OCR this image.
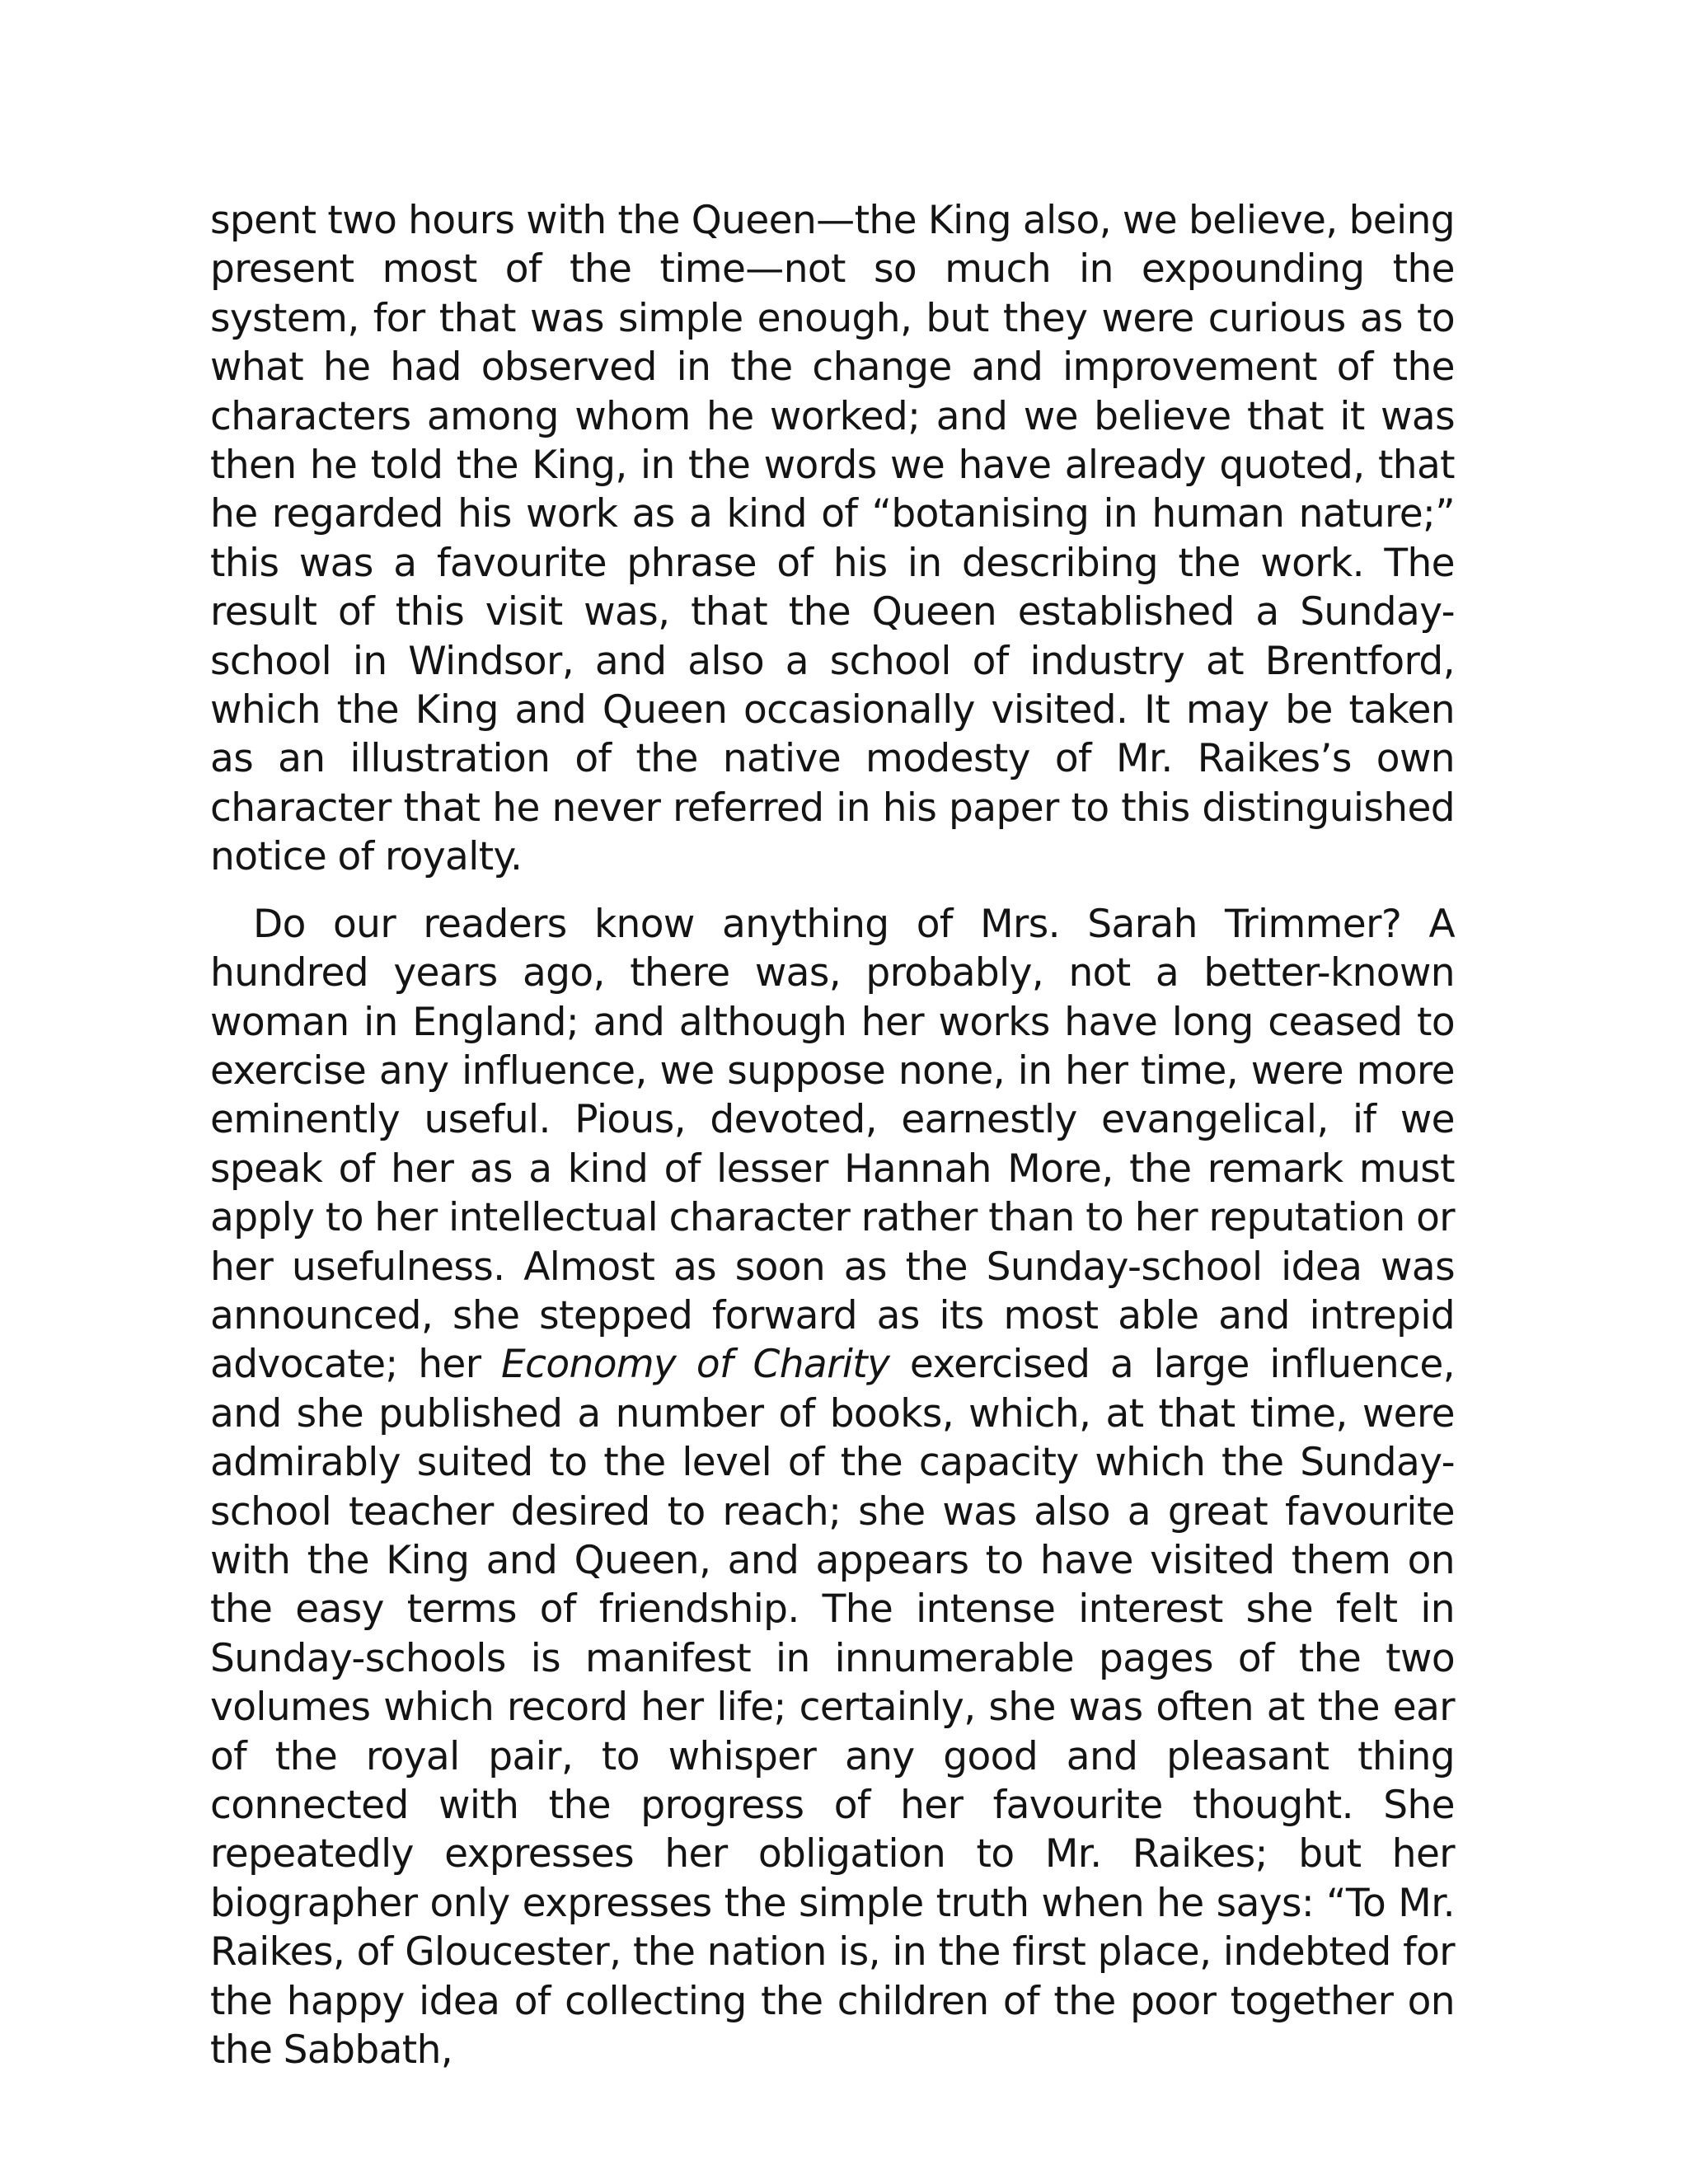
spent two hours with the Queen—the King also, we believe, being present most of the time—not so much in expounding the system, for that was simple enough, but they were curious as to what he had observed in the change and improvement of the characters among whom he worked; and we believe that it was then he told the King, in the words we have already quoted, that he regarded his work as a kind of “botanising in human nature;” this was a favourite phrase of his in describing the work. The result of this visit was, that the Queen established a Sunday-school in Windsor, and also a school of industry at Brentford, which the King and Queen occasionally visited. It may be taken as an illustration of the native modesty of Mr. Raikes’s own character that he never referred in his paper to this distinguished notice of royalty.

Do our readers know anything of Mrs. Sarah Trimmer? A hundred years ago, there was, probably, not a better-known woman in England; and although her works have long ceased to exercise any influence, we suppose none, in her time, were more eminently useful. Pious, devoted, earnestly evangelical, if we speak of her as a kind of lesser Hannah More, the remark must apply to her intellectual character rather than to her reputation or her usefulness. Almost as soon as the Sunday-school idea was announced, she stepped forward as its most able and intrepid advocate; her Economy of Charity exercised a large influence, and she published a number of books, which, at that time, were admirably suited to the level of the capacity which the Sunday-school teacher desired to reach; she was also a great favourite with the King and Queen, and appears to have visited them on the easy terms of friendship. The intense interest she felt in Sunday-schools is manifest in innumerable pages of the two volumes which record her life; certainly, she was often at the ear of the royal pair, to whisper any good and pleasant thing connected with the progress of her favourite thought. She repeatedly expresses her obligation to Mr. Raikes; but her biographer only expresses the simple truth when he says: “To Mr. Raikes, of Gloucester, the nation is, in the first place, indebted for the happy idea of collecting the children of the poor together on the Sabbath,
